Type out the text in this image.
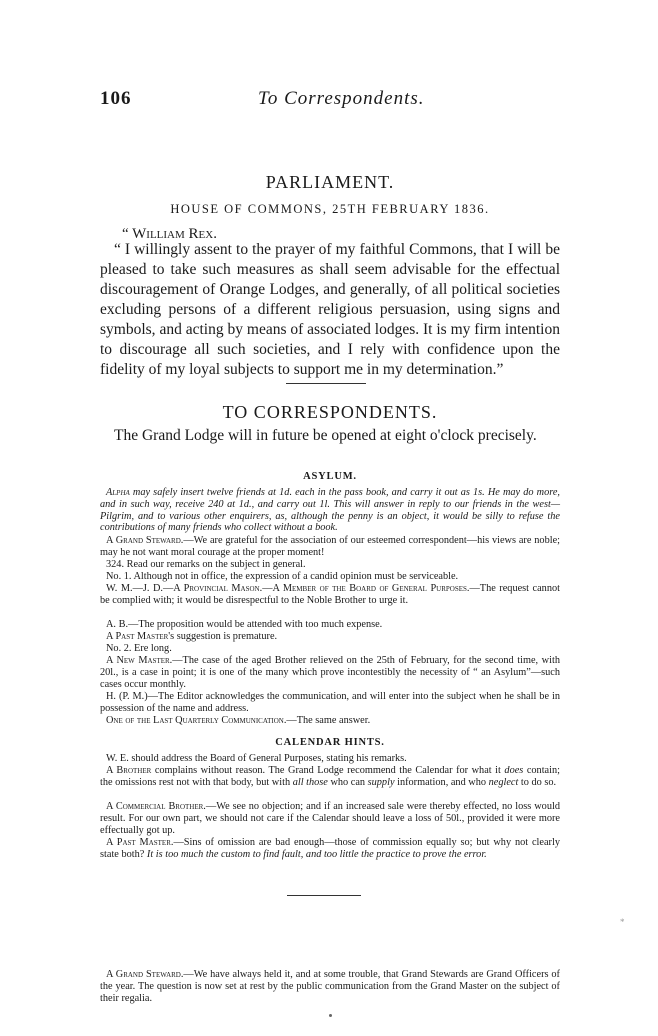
106	To Correspondents.
PARLIAMENT.
HOUSE OF COMMONS, 25TH FEBRUARY 1836.
“ William Rex.

“ I willingly assent to the prayer of my faithful Commons, that I will be pleased to take such measures as shall seem advisable for the effectual discouragement of Orange Lodges, and generally, of all political societies excluding persons of a different religious persuasion, using signs and symbols, and acting by means of associated lodges. It is my firm intention to discourage all such societies, and I rely with confidence upon the fidelity of my loyal subjects to support me in my determination.”

TO CORRESPONDENTS.

The Grand Lodge will in future be opened at eight o'clock precisely.

ASYLUM.

Alpha may safely insert twelve friends at 1d. each in the pass book, and carry it out as 1s. He may do more, and in such way, receive 240 at 1d., and carry out 1l. This will answer in reply to our friends in the west—Pilgrim, and to various other enquirers, as, although the penny is an object, it would be silly to refuse the contributions of many friends who collect without a book.

A Grand Steward.—We are grateful for the association of our esteemed correspondent—his views are noble; may he not want moral courage at the proper moment!

324. Read our remarks on the subject in general.

No. 1. Although not in office, the expression of a candid opinion must be serviceable.

W. M.—J. D.—A Provincial Mason.—A Member of the Board of General Purposes.—The request cannot be complied with; it would be disrespectful to the Noble Brother to urge it.

A. B.—The proposition would be attended with too much expense.

A Past Master's suggestion is premature.

No. 2. Ere long.

A New Master.—The case of the aged Brother relieved on the 25th of February, for the second time, with 20l., is a case in point; it is one of the many which prove incontestibly the necessity of “ an Asylum”—such cases occur monthly.

H. (P. M.)—The Editor acknowledges the communication, and will enter into the subject when he shall be in possession of the name and address.

One of the Last Quarterly Communication.—The same answer.

CALENDAR HINTS.

W. E. should address the Board of General Purposes, stating his remarks.

A Brother complains without reason. The Grand Lodge recommend the Calendar for what it does contain; the omissions rest not with that body, but with all those who can supply information, and who neglect to do so.

A Commercial Brother.—We see no objection; and if an increased sale were thereby effected, no loss would result. For our own part, we should not care if the Calendar should leave a loss of 50l., provided it were more effectually got up.

A Past Master.—Sins of omission are bad enough—those of commission equally so; but why not clearly state both? It is too much the custom to find fault, and too little the practice to prove the error.

*

A Grand Steward.—We have always held it, and at some trouble, that Grand Stewards are Grand Officers of the year. The question is now set at rest by the public communication from the Grand Master on the subject of their regalia.
